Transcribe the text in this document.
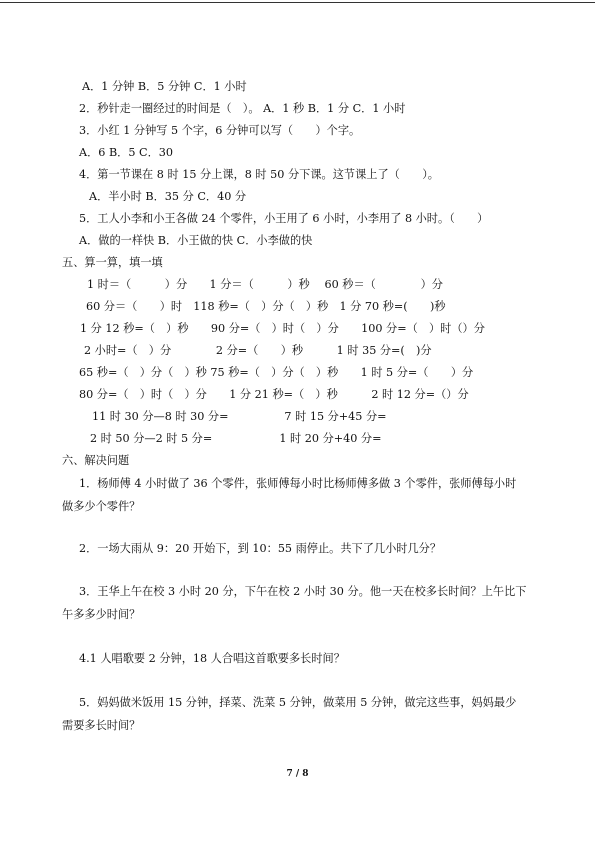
A．1 分钟 B．5 分钟 C．1 小时
2．秒针走一圈经过的时间是（　）。 A．1 秒 B．1 分 C．1 小时
3．小红 1 分钟写 5 个字，6 分钟可以写（　　）个字。
A．6 B．5 C．30
4．第一节课在 8 时 15 分上课，8 时 50 分下课。这节课上了（　　）。
A．半小时 B．35 分 C．40 分
5．工人小李和小王各做 24 个零件，小王用了 6 小时，小李用了 8 小时。（　　）
A．做的一样快 B．小王做的快 C．小李做的快
五、算一算，填一填
1 时＝（　　　）分　　1 分＝（　　　）秒　 60 秒＝（　　　　）分
60 分＝（　　）时　118 秒=（　）分（　）秒　1 分 70 秒=(　　)秒
1 分 12 秒=（　）秒　　90 分=（　）时（　）分　　100 分=（　）时（）分
2 小时=（　）分　　　　2 分=（　　）秒　　　1 时 35 分=(　)分
65 秒=（　）分（　）秒 75 秒=（　）分（　）秒　　1 时 5 分=（　　）分
80 分=（　）时（　）分　　1 分 21 秒=（　）秒　　　2 时 12 分=（）分
11 时 30 分—8 时 30 分=　　　　　7 时 15 分+45 分=
2 时 50 分—2 时 5 分=　　　　　　1 时 20 分+40 分=
六、解决问题
1．杨师傅 4 小时做了 36 个零件，张师傅每小时比杨师傅多做 3 个零件，张师傅每小时
做多少个零件？
2．一场大雨从 9：20 开始下，到 10：55 雨停止。共下了几小时几分？
3．王华上午在校 3 小时 20 分，下午在校 2 小时 30 分。他一天在校多长时间？上午比下
午多多少时间？
4.1 人唱歌要 2 分钟，18 人合唱这首歌要多长时间？
5．妈妈做米饭用 15 分钟，择菜、洗菜 5 分钟，做菜用 5 分钟，做完这些事，妈妈最少
需要多长时间？
7 / 8
